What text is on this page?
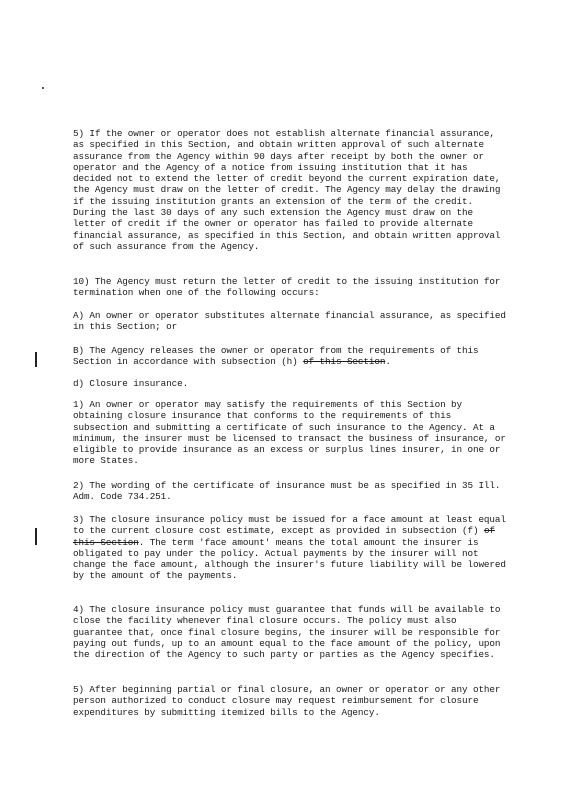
5) If the owner or operator does not establish alternate financial assurance, as specified in this Section, and obtain written approval of such alternate assurance from the Agency within 90 days after receipt by both the owner or operator and the Agency of a notice from issuing institution that it has decided not to extend the letter of credit beyond the current expiration date, the Agency must draw on the letter of credit. The Agency may delay the drawing if the issuing institution grants an extension of the term of the credit. During the last 30 days of any such extension the Agency must draw on the letter of credit if the owner or operator has failed to provide alternate financial assurance, as specified in this Section, and obtain written approval of such assurance from the Agency.
10) The Agency must return the letter of credit to the issuing institution for termination when one of the following occurs:
A) An owner or operator substitutes alternate financial assurance, as specified in this Section; or
B) The Agency releases the owner or operator from the requirements of this Section in accordance with subsection (h) of this Section.
d) Closure insurance.
1) An owner or operator may satisfy the requirements of this Section by obtaining closure insurance that conforms to the requirements of this subsection and submitting a certificate of such insurance to the Agency. At a minimum, the insurer must be licensed to transact the business of insurance, or eligible to provide insurance as an excess or surplus lines insurer, in one or more States.
2) The wording of the certificate of insurance must be as specified in 35 Ill. Adm. Code 734.251.
3) The closure insurance policy must be issued for a face amount at least equal to the current closure cost estimate, except as provided in subsection (f) of this Section. The term 'face amount' means the total amount the insurer is obligated to pay under the policy. Actual payments by the insurer will not change the face amount, although the insurer's future liability will be lowered by the amount of the payments.
4) The closure insurance policy must guarantee that funds will be available to close the facility whenever final closure occurs. The policy must also guarantee that, once final closure begins, the insurer will be responsible for paying out funds, up to an amount equal to the face amount of the policy, upon the direction of the Agency to such party or parties as the Agency specifies.
5) After beginning partial or final closure, an owner or operator or any other person authorized to conduct closure may request reimbursement for closure expenditures by submitting itemized bills to the Agency.
